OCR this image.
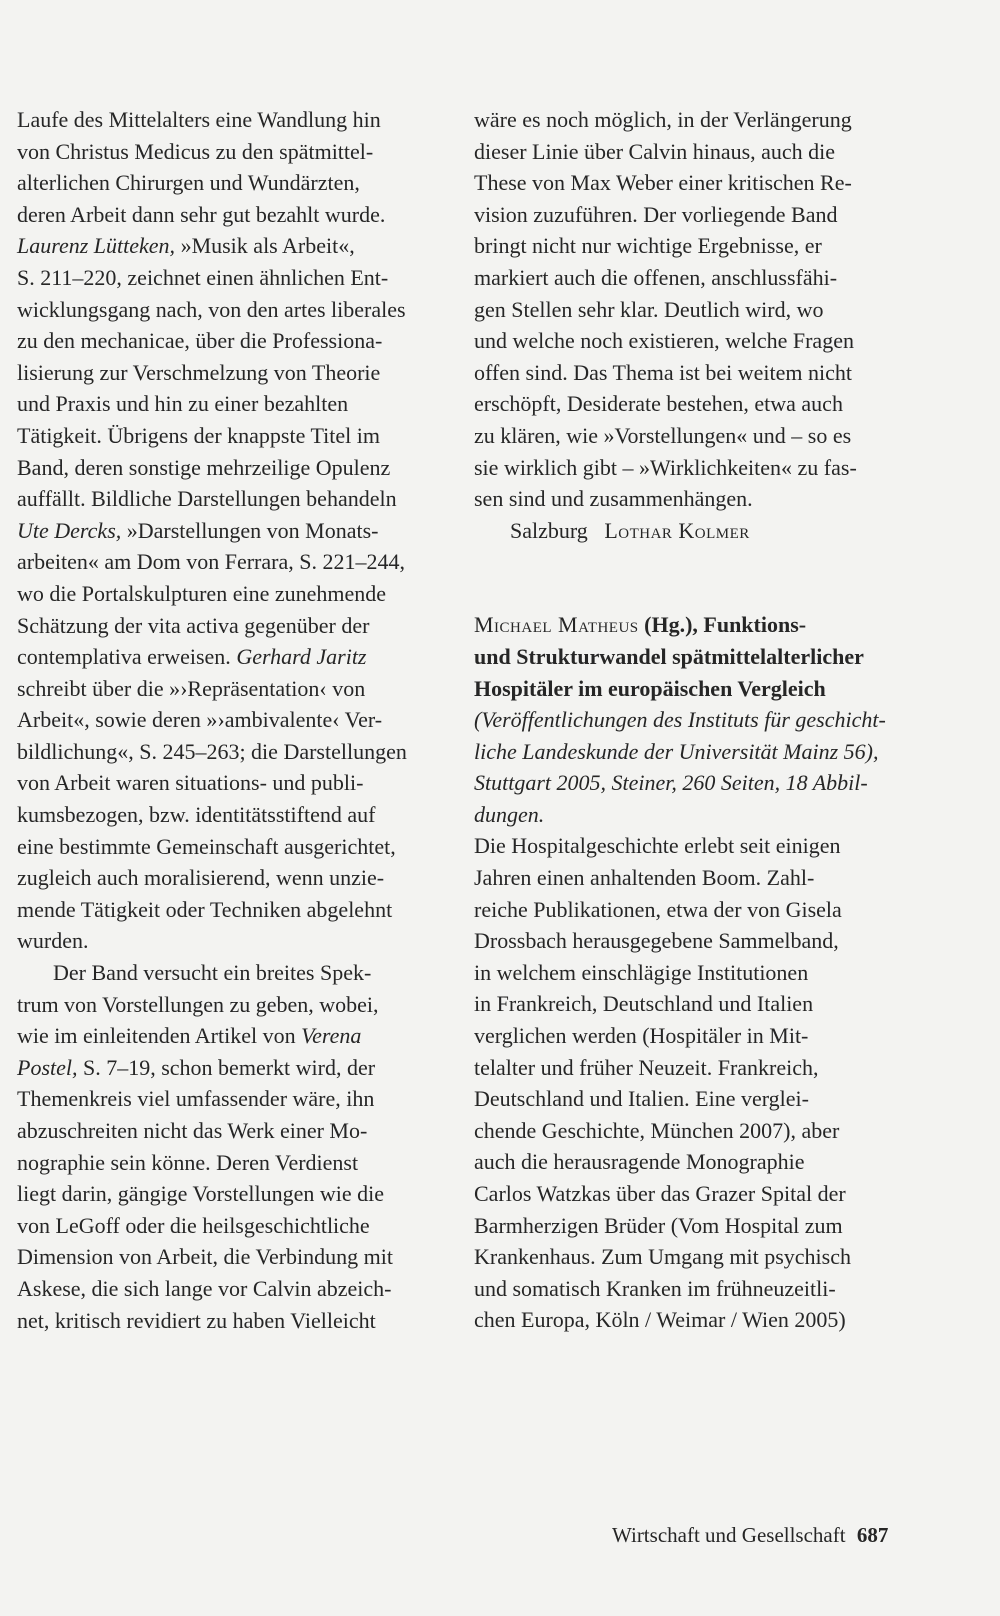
Laufe des Mittelalters eine Wandlung hin
von Christus Medicus zu den spätmittel-
alterlichen Chirurgen und Wundärzten,
deren Arbeit dann sehr gut bezahlt wurde.
Laurenz Lütteken, »Musik als Arbeit«,
S. 211–220, zeichnet einen ähnlichen Ent-
wicklungsgang nach, von den artes liberales
zu den mechanicae, über die Professiona-
lisierung zur Verschmelzung von Theorie
und Praxis und hin zu einer bezahlten
Tätigkeit. Übrigens der knappste Titel im
Band, deren sonstige mehrzeilige Opulenz
auffällt. Bildliche Darstellungen behandeln
Ute Dercks, »Darstellungen von Monats-
arbeiten« am Dom von Ferrara, S. 221–244,
wo die Portalskulpturen eine zunehmende
Schätzung der vita activa gegenüber der
contemplativa erweisen. Gerhard Jaritz
schreibt über die »›Repräsentation‹ von
Arbeit«, sowie deren »›ambivalente‹ Ver-
bildlichung«, S. 245–263; die Darstellungen
von Arbeit waren situations- und publi-
kumsbezogen, bzw. identitätsstiftend auf
eine bestimmte Gemeinschaft ausgerichtet,
zugleich auch moralisierend, wenn unzie-
mende Tätigkeit oder Techniken abgelehnt
wurden.
Der Band versucht ein breites Spek-
trum von Vorstellungen zu geben, wobei,
wie im einleitenden Artikel von Verena
Postel, S. 7–19, schon bemerkt wird, der
Themenkreis viel umfassender wäre, ihn
abzuschreiten nicht das Werk einer Mo-
nographie sein könne. Deren Verdienst
liegt darin, gängige Vorstellungen wie die
von LeGoff oder die heilsgeschichtliche
Dimension von Arbeit, die Verbindung mit
Askese, die sich lange vor Calvin abzeich-
net, kritisch revidiert zu haben Vielleicht
wäre es noch möglich, in der Verlängerung
dieser Linie über Calvin hinaus, auch die
These von Max Weber einer kritischen Re-
vision zuzuführen. Der vorliegende Band
bringt nicht nur wichtige Ergebnisse, er
markiert auch die offenen, anschlussfähi-
gen Stellen sehr klar. Deutlich wird, wo
und welche noch existieren, welche Fragen
offen sind. Das Thema ist bei weitem nicht
erschöpft, Desiderate bestehen, etwa auch
zu klären, wie »Vorstellungen« und – so es
sie wirklich gibt – »Wirklichkeiten« zu fas-
sen sind und zusammenhängen.
Salzburg Lothar Kolmer
Michael Matheus (Hg.), Funktions-
und Strukturwandel spätmittelalterlicher
Hospitäler im europäischen Vergleich
(Veröffentlichungen des Instituts für geschicht-
liche Landeskunde der Universität Mainz 56),
Stuttgart 2005, Steiner, 260 Seiten, 18 Abbil-
dungen.
Die Hospitalgeschichte erlebt seit einigen
Jahren einen anhaltenden Boom. Zahl-
reiche Publikationen, etwa der von Gisela
Drossbach herausgegebene Sammelband,
in welchem einschlägige Institutionen
in Frankreich, Deutschland und Italien
verglichen werden (Hospitäler in Mit-
telalter und früher Neuzeit. Frankreich,
Deutschland und Italien. Eine verglei-
chende Geschichte, München 2007), aber
auch die herausragende Monographie
Carlos Watzkas über das Grazer Spital der
Barmherzigen Brüder (Vom Hospital zum
Krankenhaus. Zum Umgang mit psychisch
und somatisch Kranken im frühneuzeitli-
chen Europa, Köln / Weimar / Wien 2005)
Wirtschaft und Gesellschaft 687
